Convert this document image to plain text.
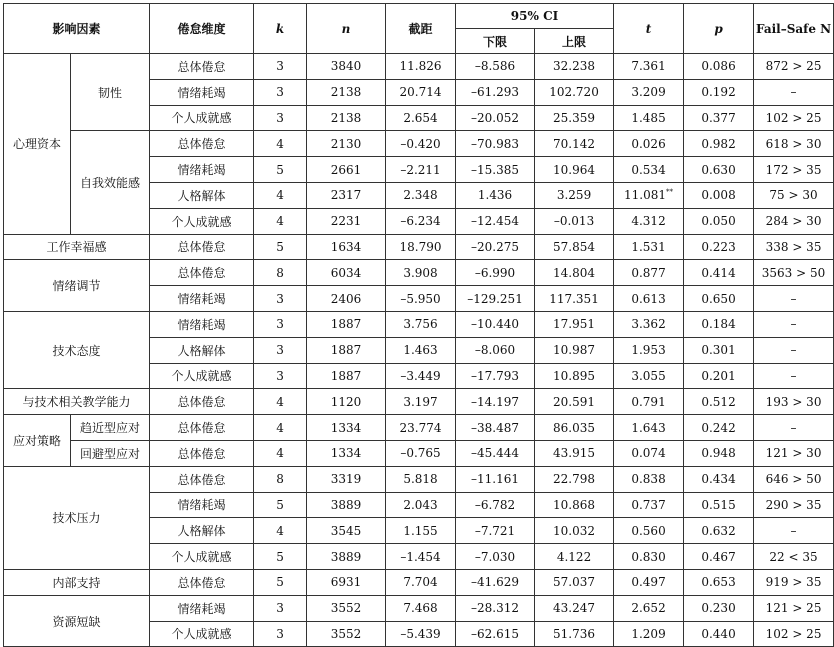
影响因素		倦怠维度	k	n	截距	95% CI		t	p	Fail–Safe N
						下限	上限			
心理资本	韧性	总体倦怠	3	3840	11.826	–8.586	32.238	7.361	0.086	872 > 25
		情绪耗竭	3	2138	20.714	–61.293	102.720	3.209	0.192	–
		个人成就感	3	2138	2.654	–20.052	25.359	1.485	0.377	102 > 25
	自我效能感	总体倦怠	4	2130	–0.420	–70.983	70.142	0.026	0.982	618 > 30
		情绪耗竭	5	2661	–2.211	–15.385	10.964	0.534	0.630	172 > 35
		人格解体	4	2317	2.348	1.436	3.259	11.081**	0.008	75 > 30
		个人成就感	4	2231	–6.234	–12.454	–0.013	4.312	0.050	284 > 30
工作幸福感		总体倦怠	5	1634	18.790	–20.275	57.854	1.531	0.223	338 > 35
情绪调节		总体倦怠	8	6034	3.908	–6.990	14.804	0.877	0.414	3563 > 50
		情绪耗竭	3	2406	–5.950	–129.251	117.351	0.613	0.650	–
技术态度		情绪耗竭	3	1887	3.756	–10.440	17.951	3.362	0.184	–
		人格解体	3	1887	1.463	–8.060	10.987	1.953	0.301	–
		个人成就感	3	1887	–3.449	–17.793	10.895	3.055	0.201	–
与技术相关教学能力		总体倦怠	4	1120	3.197	–14.197	20.591	0.791	0.512	193 > 30
应对策略	趋近型应对	总体倦怠	4	1334	23.774	–38.487	86.035	1.643	0.242	–
	回避型应对	总体倦怠	4	1334	–0.765	–45.444	43.915	0.074	0.948	121 > 30
技术压力		总体倦怠	8	3319	5.818	–11.161	22.798	0.838	0.434	646 > 50
		情绪耗竭	5	3889	2.043	–6.782	10.868	0.737	0.515	290 > 35
		人格解体	4	3545	1.155	–7.721	10.032	0.560	0.632	–
		个人成就感	5	3889	–1.454	–7.030	4.122	0.830	0.467	22 < 35
内部支持		总体倦怠	5	6931	7.704	–41.629	57.037	0.497	0.653	919 > 35
资源短缺		情绪耗竭	3	3552	7.468	–28.312	43.247	2.652	0.230	121 > 25
		个人成就感	3	3552	–5.439	–62.615	51.736	1.209	0.440	102 > 25
